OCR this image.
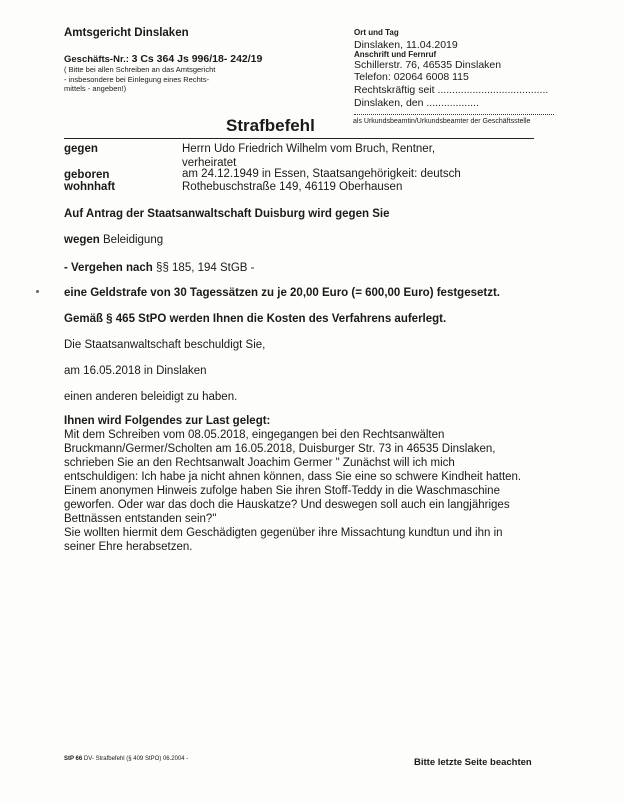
Amtsgericht Dinslaken
Geschäfts-Nr.: 3 Cs 364 Js 996/18- 242/19
( Bitte bei allen Schreiben an das Amtsgericht
- insbesondere bei Einlegung eines Rechts-
mittels - angeben!)
Ort und Tag
Dinslaken, 11.04.2019
Anschrift und Fernruf
Schillerstr. 76, 46535 Dinslaken
Telefon: 02064 6008 115
Rechtskräftig seit ......................................
Dinslaken, den ..................
als Urkundsbeamtin/Urkundsbeamter der Geschäftsstelle
Strafbefehl
gegen	Herrn Udo Friedrich Wilhelm vom Bruch, Rentner,
verheiratet
geboren	am 24.12.1949 in Essen, Staatsangehörigkeit: deutsch
wohnhaft	Rothebuschstraße 149, 46119 Oberhausen
Auf Antrag der Staatsanwaltschaft Duisburg wird gegen Sie
wegen Beleidigung
- Vergehen nach §§ 185, 194 StGB -
eine Geldstrafe von 30 Tagessätzen zu je 20,00 Euro (= 600,00 Euro) festgesetzt.
Gemäß § 465 StPO werden Ihnen die Kosten des Verfahrens auferlegt.
Die Staatsanwaltschaft beschuldigt Sie,
am 16.05.2018 in Dinslaken
einen anderen beleidigt zu haben.
Ihnen wird Folgendes zur Last gelegt:
Mit dem Schreiben vom 08.05.2018, eingegangen bei den Rechtsanwälten
Bruckmann/Germer/Scholten am 16.05.2018, Duisburger Str. 73 in 46535 Dinslaken,
schrieben Sie an den Rechtsanwalt Joachim Germer " Zunächst will ich mich
entschuldigen: Ich habe ja nicht ahnen können, dass Sie eine so schwere Kindheit hatten.
Einem anonymen Hinweis zufolge haben Sie ihren Stoff-Teddy in die Waschmaschine
geworfen. Oder war das doch die Hauskatze? Und deswegen soll auch ein langjähriges
Bettnässen entstanden sein?"
Sie wollten hiermit dem Geschädigten gegenüber ihre Missachtung kundtun und ihn in
seiner Ehre herabsetzen.
StP 66 DV- Strafbefehl (§ 409 StPO) 06.2004 -	Bitte letzte Seite beachten
